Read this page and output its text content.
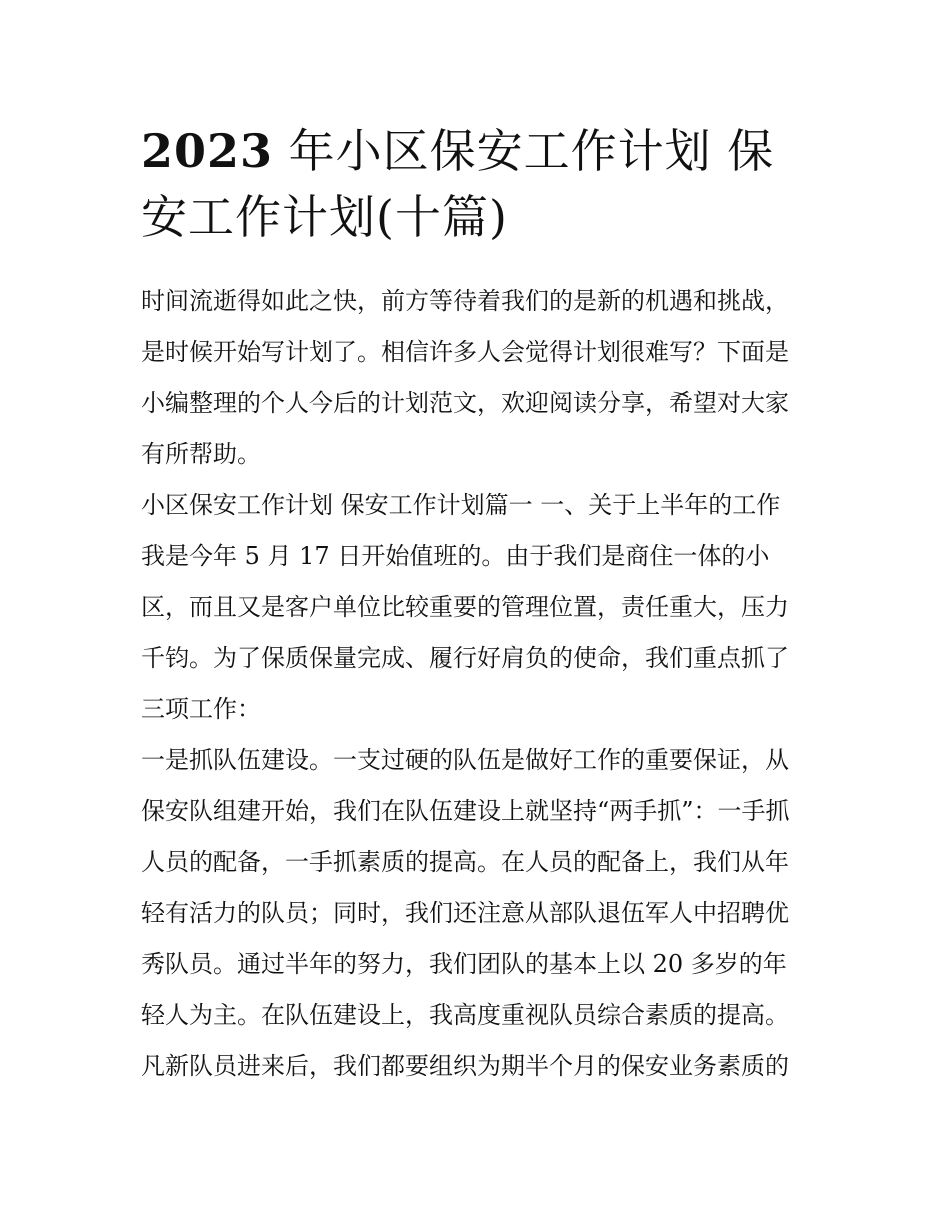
2023 年小区保安工作计划 保
安工作计划(十篇)
时间流逝得如此之快，前方等待着我们的是新的机遇和挑战，
是时候开始写计划了。相信许多人会觉得计划很难写？下面是
小编整理的个人今后的计划范文，欢迎阅读分享，希望对大家
有所帮助。
小区保安工作计划 保安工作计划篇一 一、关于上半年的工作
我是今年 5 月 17 日开始值班的。由于我们是商住一体的小
区，而且又是客户单位比较重要的管理位置，责任重大，压力
千钧。为了保质保量完成、履行好肩负的使命，我们重点抓了
三项工作：
一是抓队伍建设。一支过硬的队伍是做好工作的重要保证，从
保安队组建开始，我们在队伍建设上就坚持“两手抓”：一手抓
人员的配备，一手抓素质的提高。在人员的配备上，我们从年
轻有活力的队员；同时，我们还注意从部队退伍军人中招聘优
秀队员。通过半年的努力，我们团队的基本上以 20 多岁的年
轻人为主。在队伍建设上，我高度重视队员综合素质的提高。
凡新队员进来后，我们都要组织为期半个月的保安业务素质的
